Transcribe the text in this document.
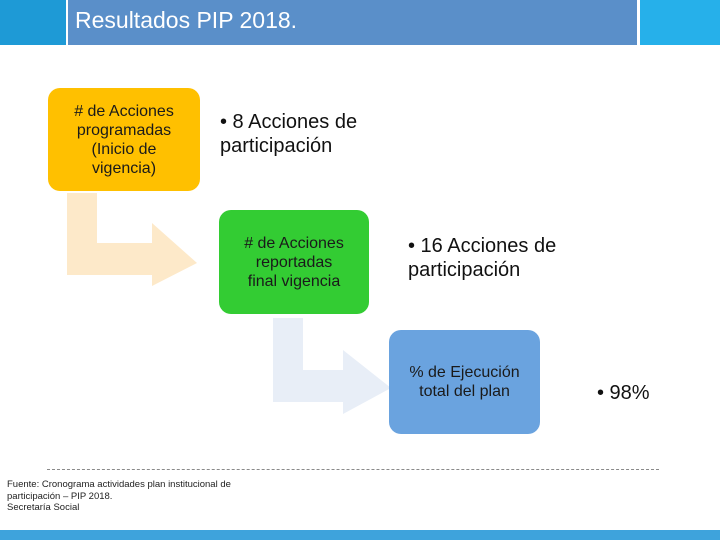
Resultados PIP 2018.
# de Acciones
programadas
(Inicio de
vigencia)
# de Acciones
reportadas
final vigencia
% de Ejecución
total del plan
• 8 Acciones de
participación
• 16 Acciones de
participación
• 98%
Fuente: Cronograma actividades plan institucional de
participación – PIP 2018.
Secretaría Social
